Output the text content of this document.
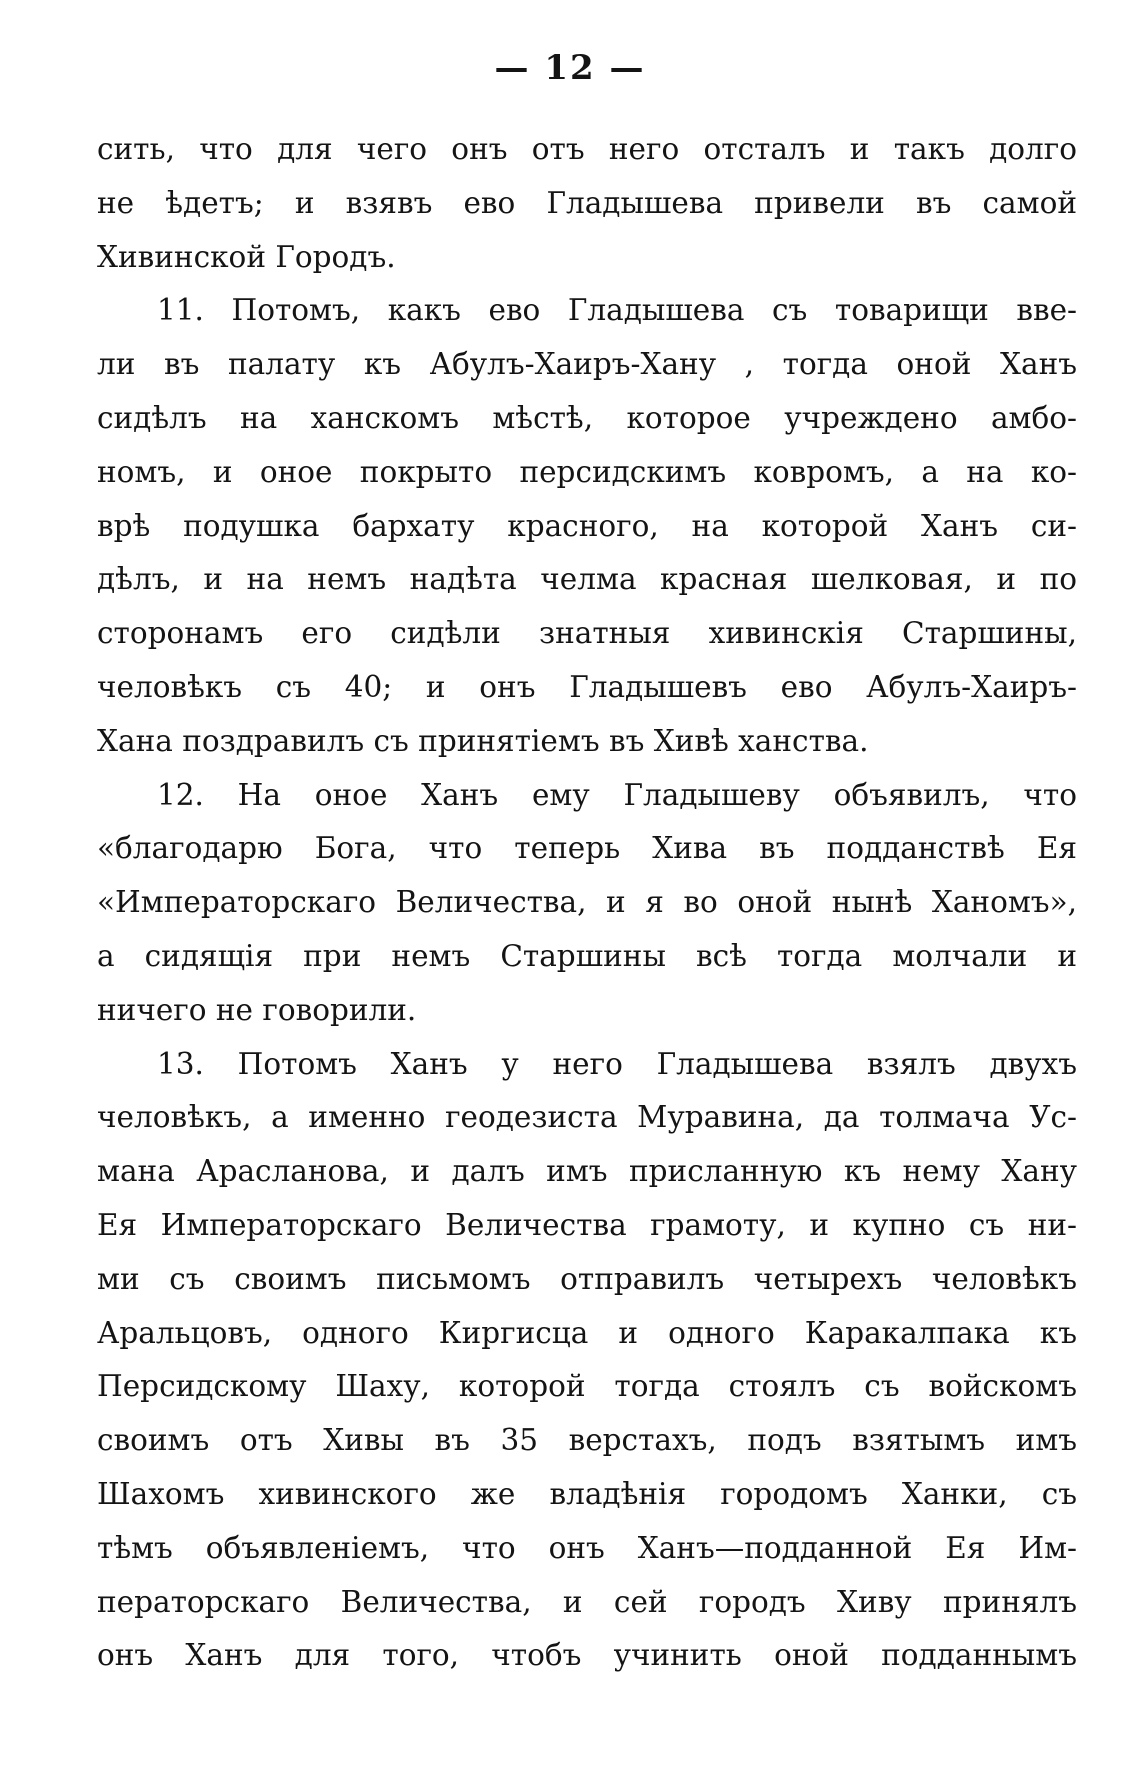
— 12 —
сить, что для чего онъ отъ него отсталъ и такъ долго
не ѣдетъ; и взявъ ево Гладышева привели въ самой
Хивинской Городъ.
11. Потомъ, какъ ево Гладышева съ товарищи вве-
ли въ палату къ Абулъ-Хаиръ-Хану , тогда оной Ханъ
сидѣлъ на ханскомъ мѣстѣ, которое учреждено амбо-
номъ, и оное покрыто персидскимъ ковромъ, а на ко-
врѣ подушка бархату красного, на которой Ханъ си-
дѣлъ, и на немъ надѣта челма красная шелковая, и по
сторонамъ его сидѣли знатныя хивинскія Старшины,
человѣкъ съ 40; и онъ Гладышевъ ево Абулъ-Хаиръ-
Хана поздравилъ съ принятіемъ въ Хивѣ ханства.
12. На оное Ханъ ему Гладышеву объявилъ, что
«благодарю Бога, что теперь Хива въ подданствѣ Ея
«Императорскаго Величества, и я во оной нынѣ Ханомъ»,
а сидящія при немъ Старшины всѣ тогда молчали и
ничего не говорили.
13. Потомъ Ханъ у него Гладышева взялъ двухъ
человѣкъ, а именно геодезиста Муравина, да толмача Ус-
мана Арасланова, и далъ имъ присланную къ нему Хану
Ея Императорскаго Величества грамоту, и купно съ ни-
ми съ своимъ письмомъ отправилъ четырехъ человѣкъ
Аральцовъ, одного Киргисца и одного Каракалпака къ
Персидскому Шаху, которой тогда стоялъ съ войскомъ
своимъ отъ Хивы въ 35 верстахъ, подъ взятымъ имъ
Шахомъ хивинского же владѣнія городомъ Ханки, съ
тѣмъ объявленіемъ, что онъ Ханъ—подданной Ея Им-
ператорскаго Величества, и сей городъ Хиву принялъ
онъ Ханъ для того, чтобъ учинить оной подданнымъ
